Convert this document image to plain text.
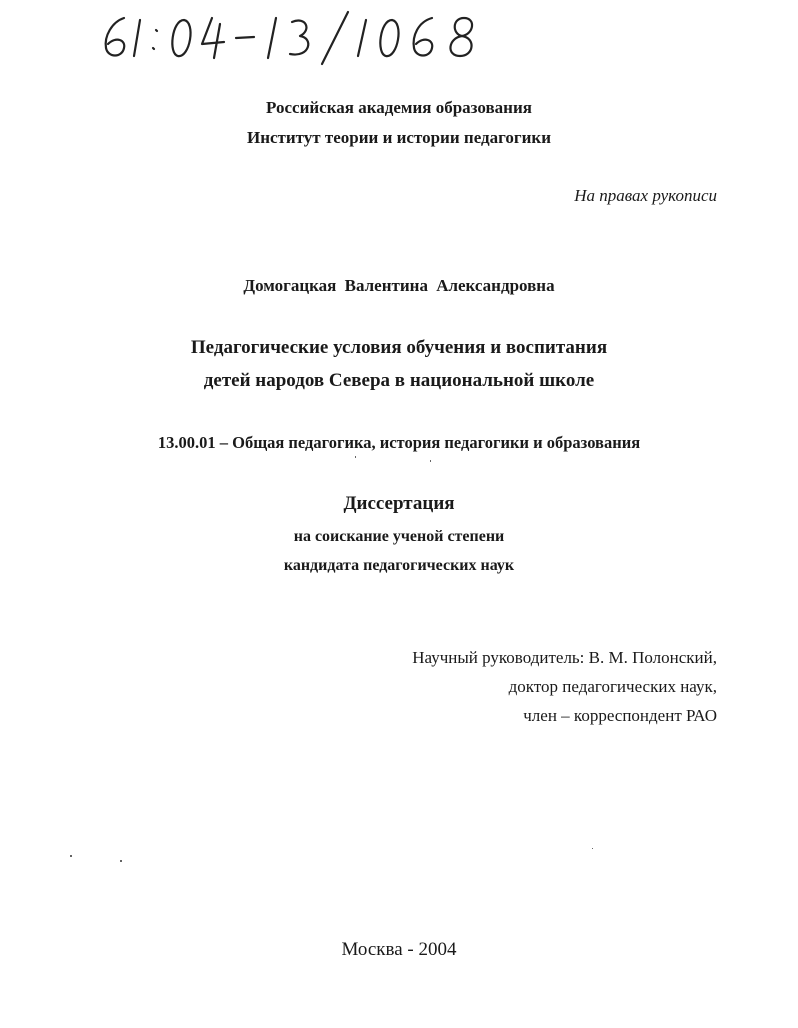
Российская академия образования

Институт теории и истории педагогики

На правах рукописи

Домогацкая Валентина Александровна

Педагогические условия обучения и воспитания

детей народов Севера в национальной школе

13.00.01 – Общая педагогика, история педагогики и образования

Диссертация

на соискание ученой степени

кандидата педагогических наук

Научный руководитель: В. М. Полонский,

доктор педагогических наук,

член – корреспондент РАО

Москва - 2004
